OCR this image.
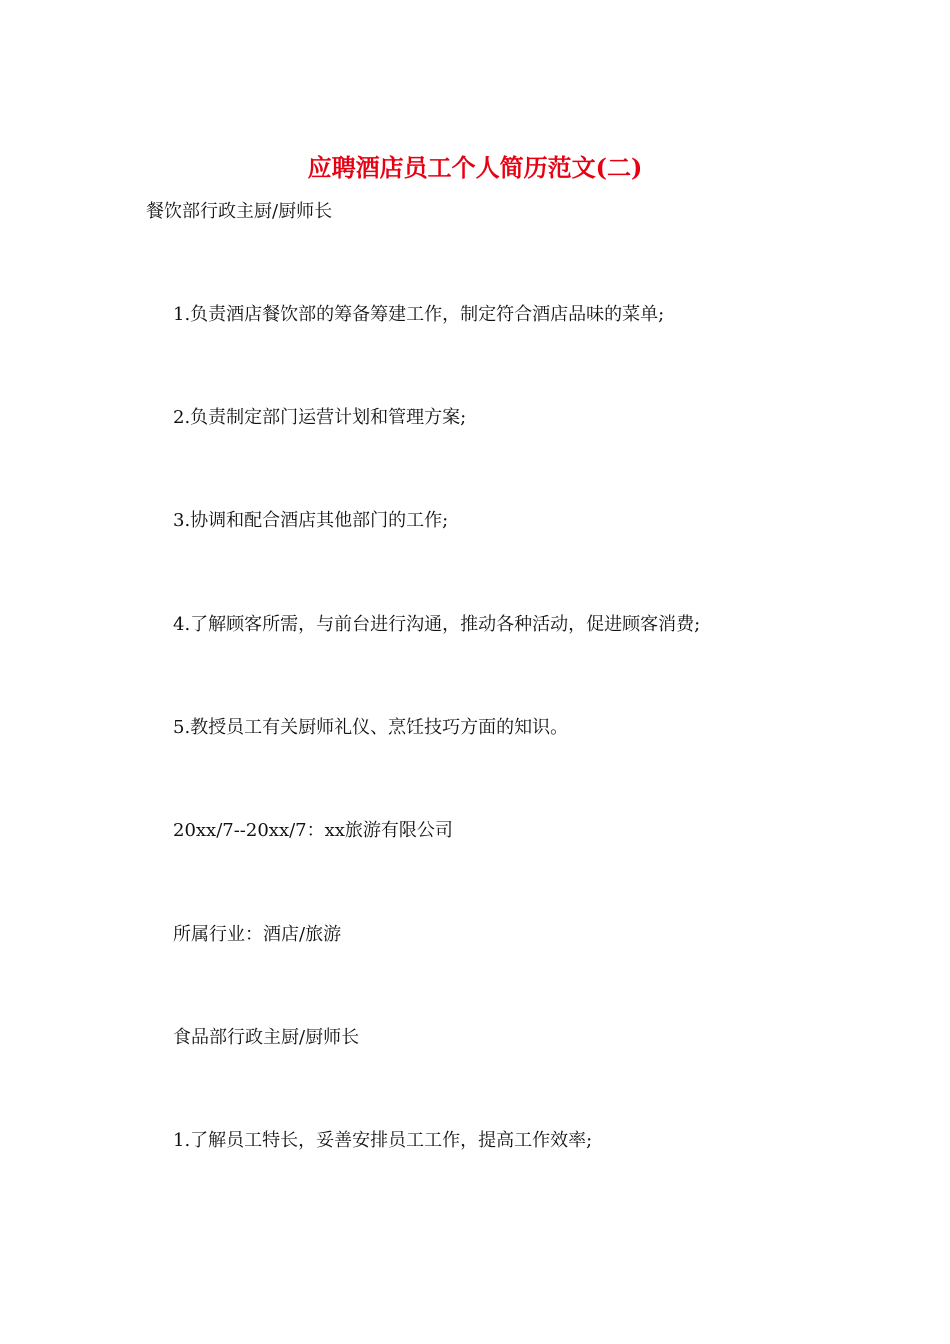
应聘酒店员工个人简历范文(二)

餐饮部行政主厨/厨师长

1.负责酒店餐饮部的筹备筹建工作，制定符合酒店品味的菜单;

2.负责制定部门运营计划和管理方案;

3.协调和配合酒店其他部门的工作;

4.了解顾客所需，与前台进行沟通，推动各种活动，促进顾客消费;

5.教授员工有关厨师礼仪、烹饪技巧方面的知识。

20xx/7--20xx/7：xx旅游有限公司

所属行业：酒店/旅游

食品部行政主厨/厨师长

1.了解员工特长，妥善安排员工工作，提高工作效率;
